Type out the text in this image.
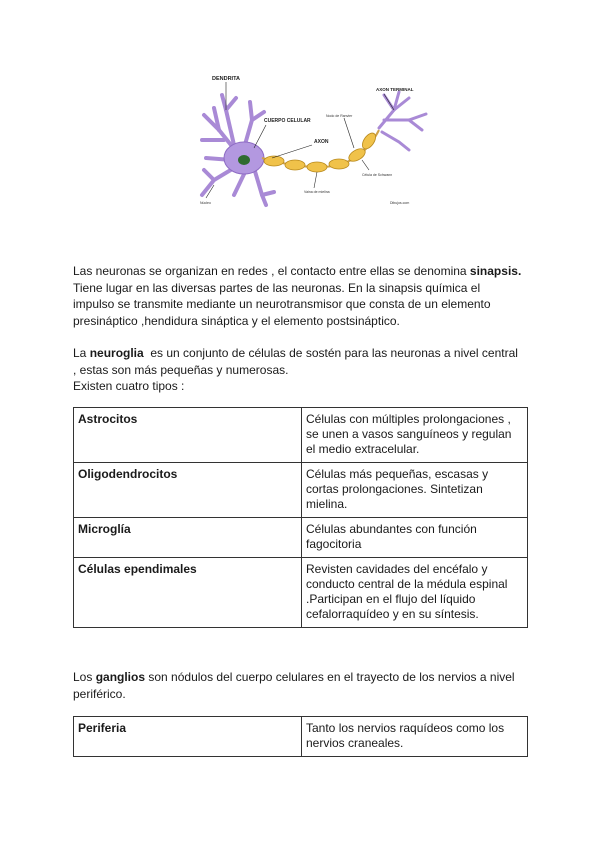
DENDRITA
CUERPO CELULAR
AXON
AXON TERMINAL
Nodo de Ranvier
Célula de Schwann
Vaina de mielina
Núcleo	Dibujos.com

Las neuronas se organizan en redes , el contacto entre ellas se denomina sinapsis.
Tiene lugar en las diversas partes de las neuronas. En la sinapsis química el
impulso se transmite mediante un neurotransmisor que consta de un elemento
presináptico ,hendidura sináptica y el elemento postsináptico.

La neuroglia  es un conjunto de células de sostén para las neuronas a nivel central
, estas son más pequeñas y numerosas.
Existen cuatro tipos :

Astrocitos	Células con múltiples prolongaciones ,
se unen a vasos sanguíneos y regulan
el medio extracelular.
Oligodendrocitos	Células más pequeñas, escasas y
cortas prolongaciones. Sintetizan
mielina.
Microglía	Células abundantes con función
fagocitoria
Células ependimales	Revisten cavidades del encéfalo y
conducto central de la médula espinal
.Participan en el flujo del líquido
cefalorraquídeo y en su síntesis.

Los ganglios son nódulos del cuerpo celulares en el trayecto de los nervios a nivel
periférico.

Periferia	Tanto los nervios raquídeos como los
nervios craneales.
